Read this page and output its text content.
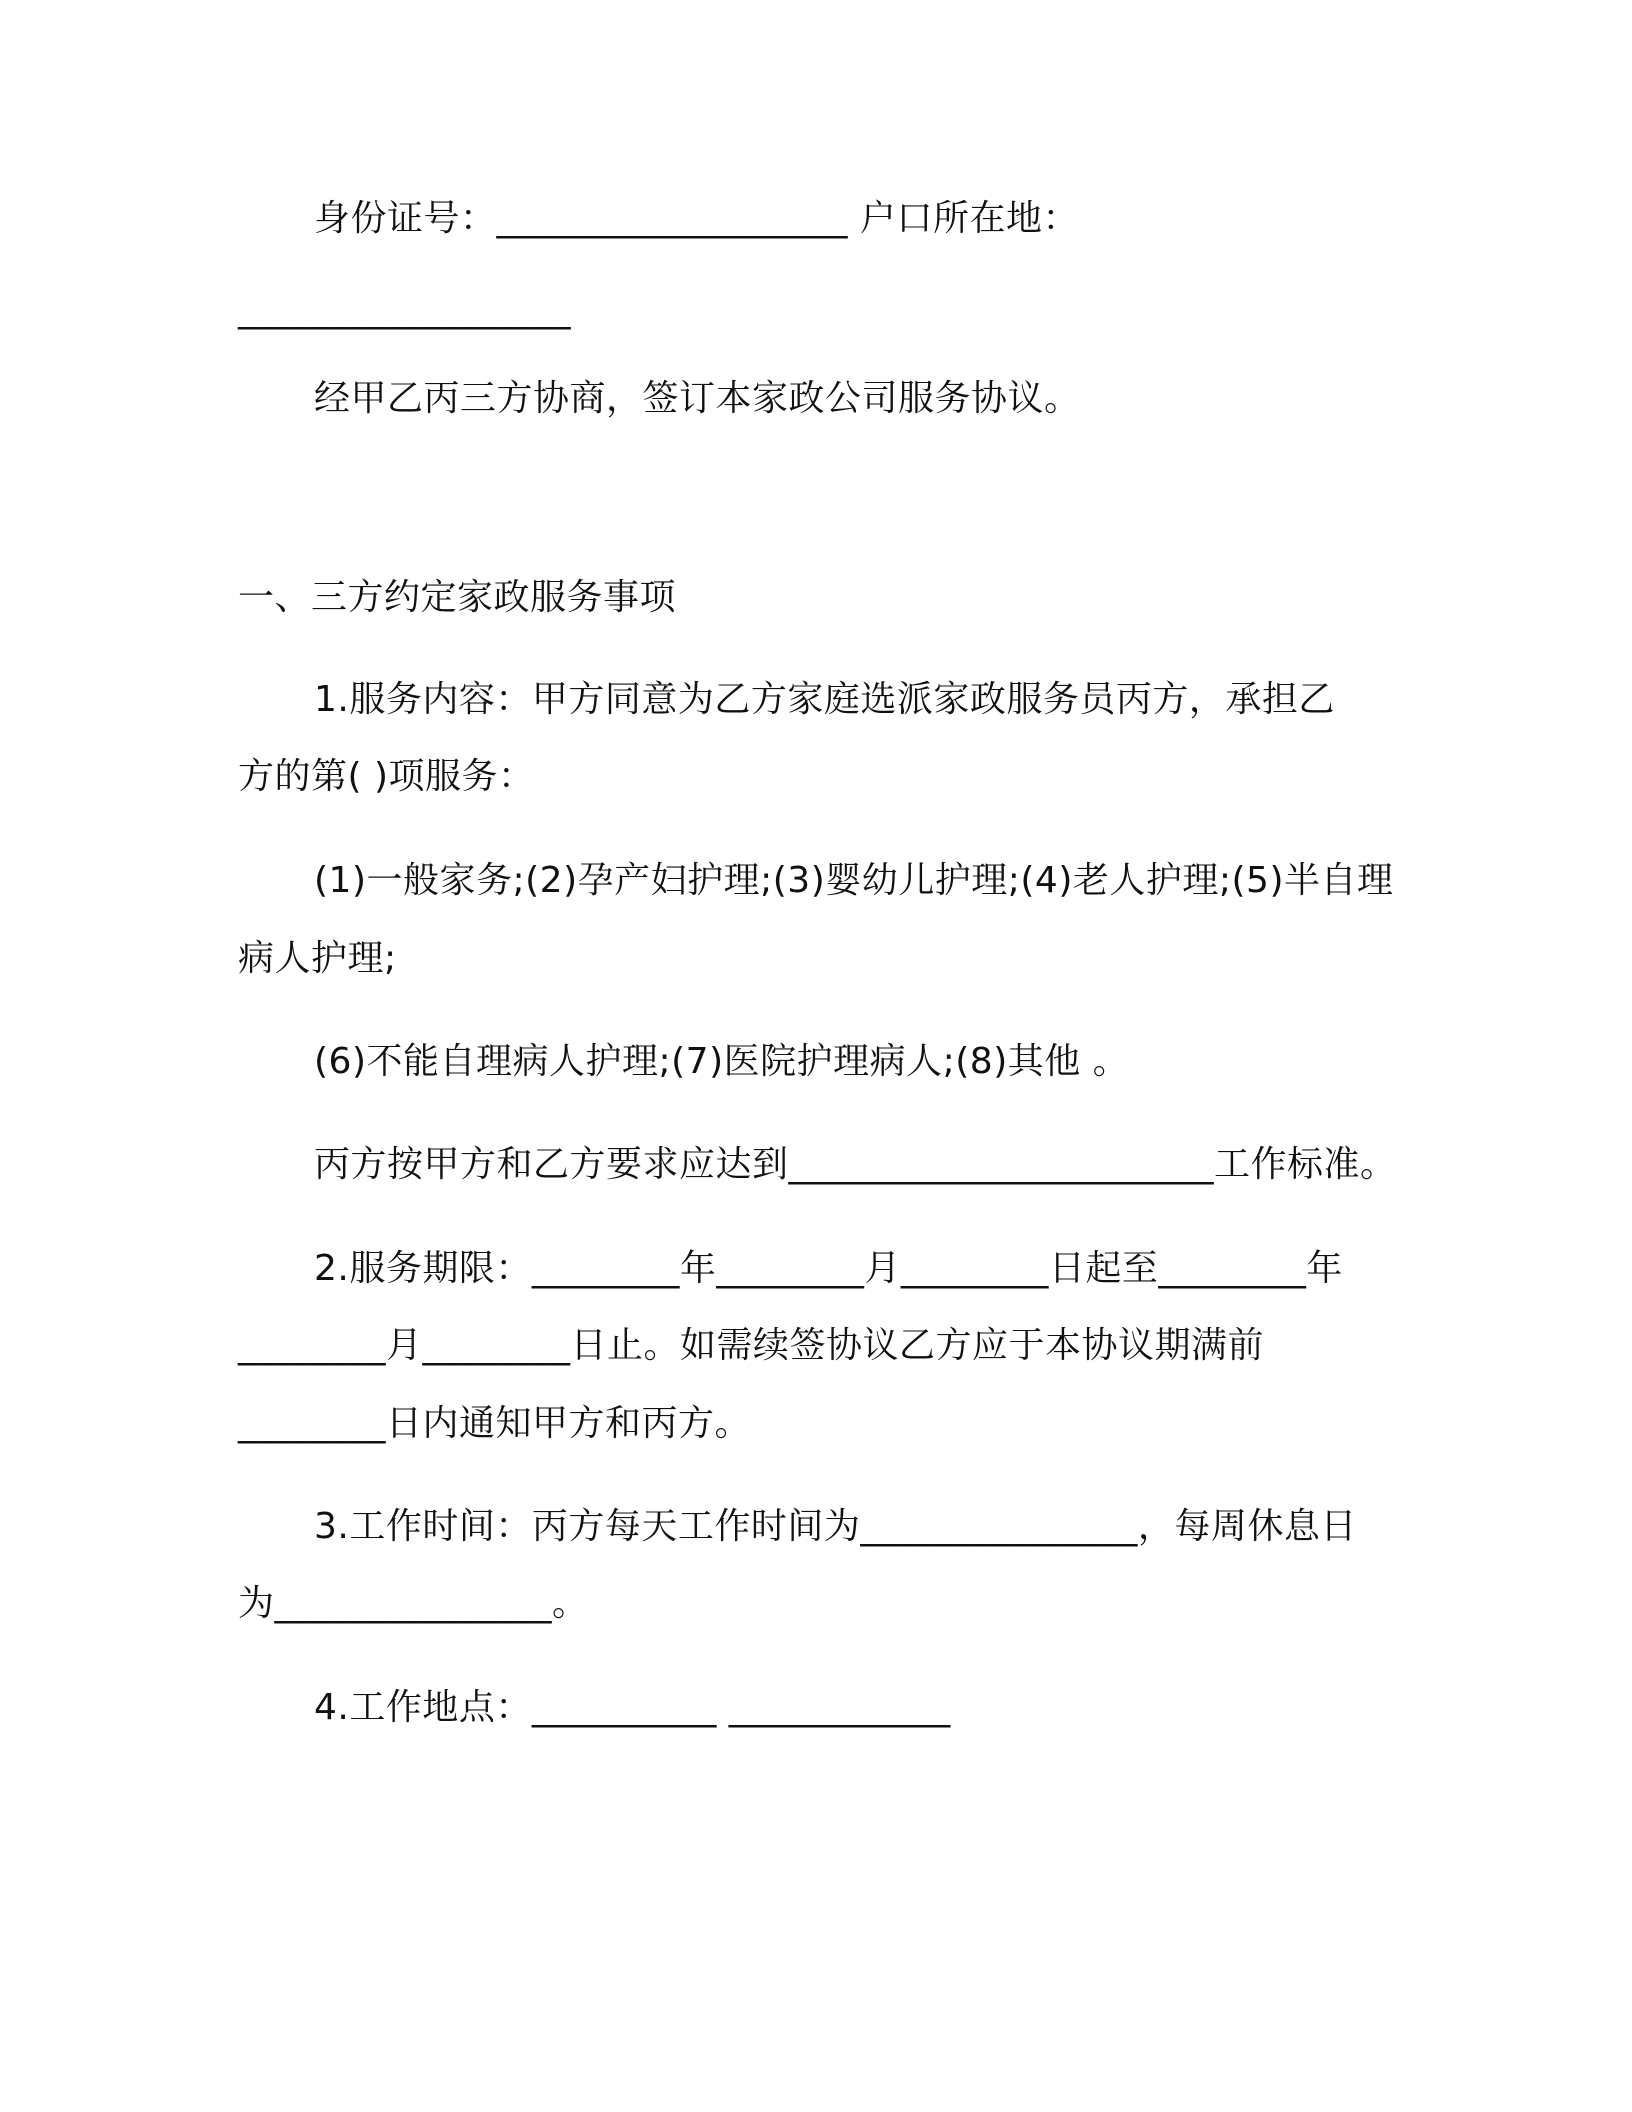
身份证号：___________________ 户口所在地：
__________________
经甲乙丙三方协商，签订本家政公司服务协议。
一、三方约定家政服务事项
1.服务内容：甲方同意为乙方家庭选派家政服务员丙方，承担乙
方的第( )项服务：
(1)一般家务;(2)孕产妇护理;(3)婴幼儿护理;(4)老人护理;(5)半自理
病人护理;
(6)不能自理病人护理;(7)医院护理病人;(8)其他 。
丙方按甲方和乙方要求应达到_______________________工作标准。
2.服务期限：________年________月________日起至________年
________月________日止。如需续签协议乙方应于本协议期满前
________日内通知甲方和丙方。
3.工作时间：丙方每天工作时间为_______________，每周休息日
为_______________。
4.工作地点：__________ ____________
